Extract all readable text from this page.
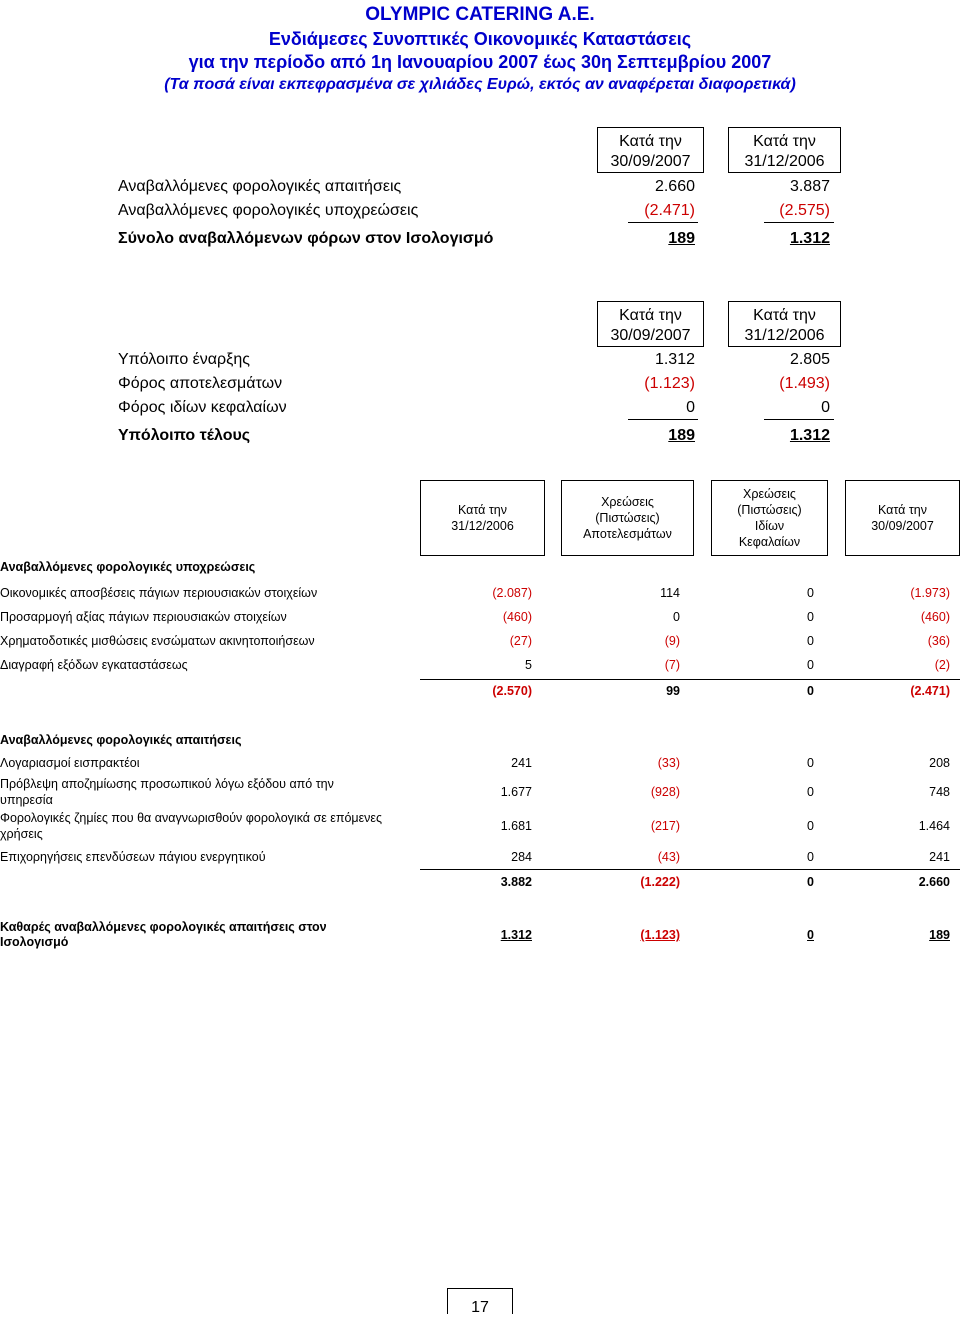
OLYMPIC CATERING A.E.
Ενδιάμεσες Συνοπτικές Οικονομικές Καταστάσεις
για την περίοδο από 1η Ιανουαρίου 2007 έως 30η Σεπτεμβρίου 2007
(Τα ποσά είναι εκπεφρασμένα σε χιλιάδες Ευρώ, εκτός αν αναφέρεται διαφορετικά)
Κατά την
30/09/2007
Κατά την
31/12/2006
Αναβαλλόμενες φορολογικές απαιτήσεις	2.660	3.887
Αναβαλλόμενες φορολογικές υποχρεώσεις	(2.471)	(2.575)
Σύνολο αναβαλλόμενων φόρων στον Ισολογισμό	189	1.312
Κατά την
30/09/2007
Κατά την
31/12/2006
Υπόλοιπο έναρξης	1.312	2.805
Φόρος αποτελεσμάτων	(1.123)	(1.493)
Φόρος ιδίων κεφαλαίων	0	0
Υπόλοιπο τέλους	189	1.312
Κατά την
31/12/2006
Χρεώσεις
(Πιστώσεις)
Αποτελεσμάτων
Χρεώσεις
(Πιστώσεις)
Ιδίων
Κεφαλαίων
Κατά την
30/09/2007
Αναβαλλόμενες φορολογικές υποχρεώσεις
Οικονομικές αποσβέσεις πάγιων περιουσιακών στοιχείων	(2.087)	114	0	(1.973)
Προσαρμογή αξίας πάγιων περιουσιακών στοιχείων	(460)	0	0	(460)
Χρηματοδοτικές μισθώσεις ενσώματων ακινητοποιήσεων	(27)	(9)	0	(36)
Διαγραφή εξόδων εγκαταστάσεως	5	(7)	0	(2)
(2.570)	99	0	(2.471)
Αναβαλλόμενες φορολογικές απαιτήσεις
Λογαριασμοί εισπρακτέοι	241	(33)	0	208
Πρόβλεψη αποζημίωσης προσωπικού λόγω εξόδου από την
υπηρεσία
1.677	(928)	0	748
Φορολογικές ζημίες που θα αναγνωρισθούν φορολογικά σε επόμενες
χρήσεις
1.681	(217)	0	1.464
Επιχορηγήσεις επενδύσεων πάγιου ενεργητικού	284	(43)	0	241
3.882	(1.222)	0	2.660
Καθαρές αναβαλλόμενες φορολογικές απαιτήσεις στον
Ισολογισμό	1.312	(1.123)	0	189
17
